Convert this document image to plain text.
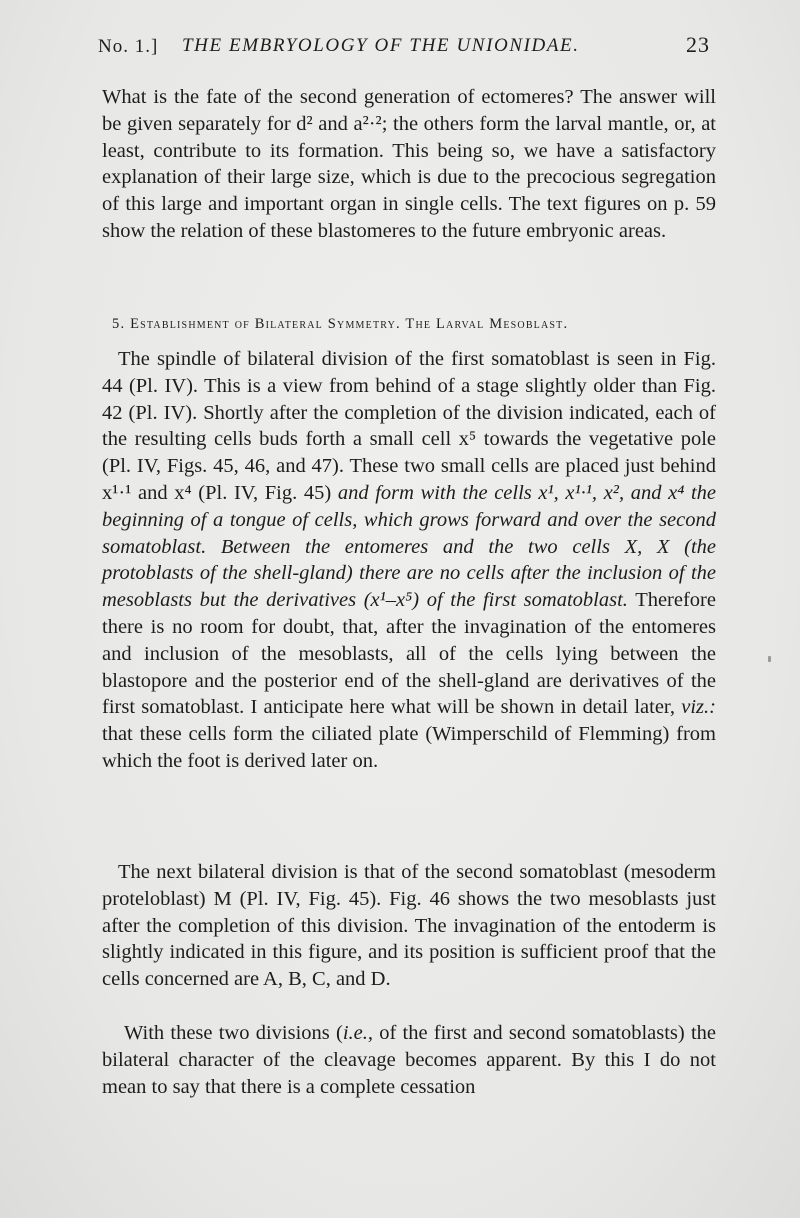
No. 1.] THE EMBRYOLOGY OF THE UNIONIDAE.	23

What is the fate of the second generation of ectomeres? The answer will be given separately for d² and a²·²; the others form the larval mantle, or, at least, contribute to its formation. This being so, we have a satisfactory explanation of their large size, which is due to the precocious segregation of this large and important organ in single cells. The text figures on p. 59 show the relation of these blastomeres to the future embryonic areas.

5. Establishment of Bilateral Symmetry. The Larval Mesoblast.

The spindle of bilateral division of the first somatoblast is seen in Fig. 44 (Pl. IV). This is a view from behind of a stage slightly older than Fig. 42 (Pl. IV). Shortly after the completion of the division indicated, each of the resulting cells buds forth a small cell x⁵ towards the vegetative pole (Pl. IV, Figs. 45, 46, and 47). These two small cells are placed just behind x¹·¹ and x⁴ (Pl. IV, Fig. 45) and form with the cells x¹, x¹·¹, x², and x⁴ the beginning of a tongue of cells, which grows forward and over the second somatoblast. Between the entomeres and the two cells X, X (the protoblasts of the shell-gland) there are no cells after the inclusion of the mesoblasts but the derivatives (x¹–x⁵) of the first somatoblast. Therefore there is no room for doubt, that, after the invagination of the entomeres and inclusion of the mesoblasts, all of the cells lying between the blastopore and the posterior end of the shell-gland are derivatives of the first somatoblast. I anticipate here what will be shown in detail later, viz.: that these cells form the ciliated plate (Wimperschild of Flemming) from which the foot is derived later on.

The next bilateral division is that of the second somatoblast (mesoderm proteloblast) M (Pl. IV, Fig. 45). Fig. 46 shows the two mesoblasts just after the completion of this division. The invagination of the entoderm is slightly indicated in this figure, and its position is sufficient proof that the cells concerned are A, B, C, and D.

With these two divisions (i.e., of the first and second somatoblasts) the bilateral character of the cleavage becomes apparent. By this I do not mean to say that there is a complete cessation
